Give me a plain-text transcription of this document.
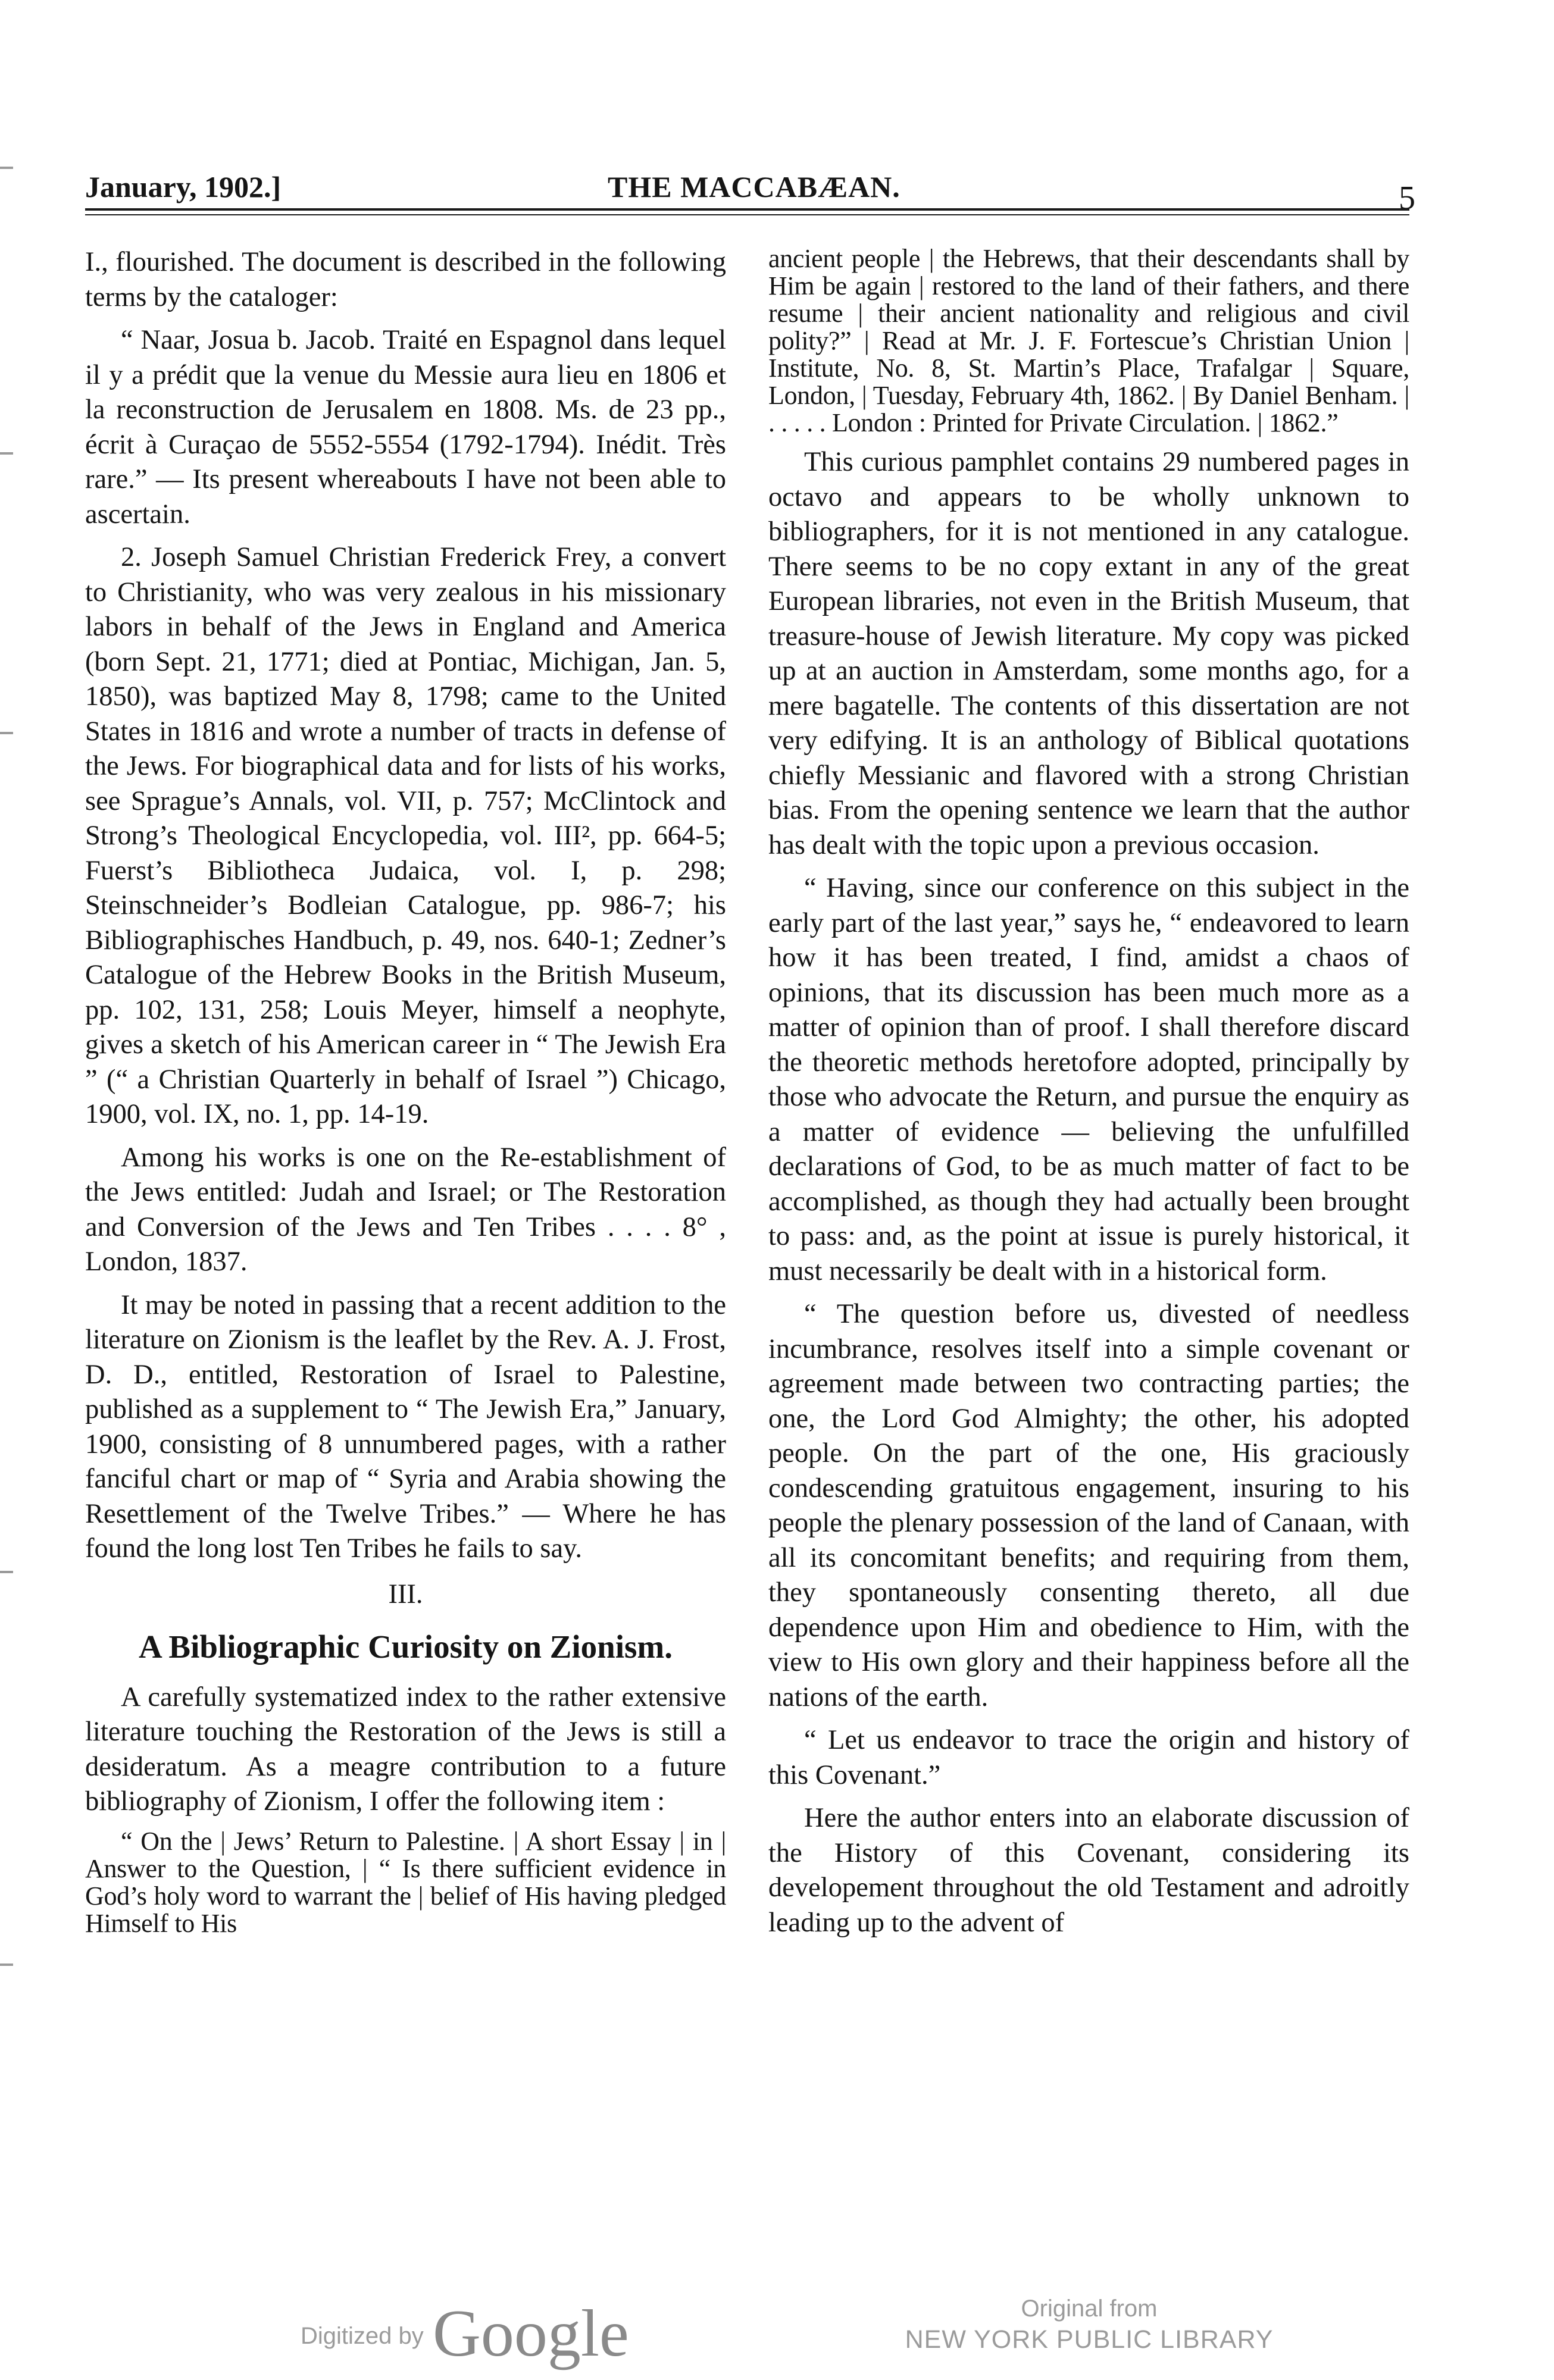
January, 1902.]	THE MACCABÆAN.	5

I., flourished. The document is described in the following terms by the cataloger:

“ Naar, Josua b. Jacob. Traité en Espagnol dans lequel il y a prédit que la venue du Messie aura lieu en 1806 et la reconstruction de Jerusalem en 1808. Ms. de 23 pp., écrit à Curaçao de 5552-5554 (1792-1794). Inédit. Très rare.” — Its present whereabouts I have not been able to ascertain.

2. Joseph Samuel Christian Frederick Frey, a convert to Christianity, who was very zealous in his missionary labors in behalf of the Jews in England and America (born Sept. 21, 1771; died at Pontiac, Michigan, Jan. 5, 1850), was baptized May 8, 1798; came to the United States in 1816 and wrote a number of tracts in defense of the Jews. For biographical data and for lists of his works, see Sprague’s Annals, vol. VII, p. 757; McClintock and Strong’s Theological Encyclopedia, vol. III², pp. 664-5; Fuerst’s Bibliotheca Judaica, vol. I, p. 298; Steinschneider’s Bodleian Catalogue, pp. 986-7; his Bibliographisches Handbuch, p. 49, nos. 640-1; Zedner’s Catalogue of the Hebrew Books in the British Museum, pp. 102, 131, 258; Louis Meyer, himself a neophyte, gives a sketch of his American career in “ The Jewish Era ” (“ a Christian Quarterly in behalf of Israel ”) Chicago, 1900, vol. IX, no. 1, pp. 14-19.

Among his works is one on the Re-establishment of the Jews entitled: Judah and Israel; or The Restoration and Conversion of the Jews and Ten Tribes . . . . 8° , London, 1837.

It may be noted in passing that a recent addition to the literature on Zionism is the leaflet by the Rev. A. J. Frost, D. D., entitled, Restoration of Israel to Palestine, published as a supplement to “ The Jewish Era,” January, 1900, consisting of 8 unnumbered pages, with a rather fanciful chart or map of “ Syria and Arabia showing the Resettlement of the Twelve Tribes.” — Where he has found the long lost Ten Tribes he fails to say.

III.

A Bibliographic Curiosity on Zionism.

A carefully systematized index to the rather extensive literature touching the Restoration of the Jews is still a desideratum. As a meagre contribution to a future bibliography of Zionism, I offer the following item :

“ On the | Jews’ Return to Palestine. | A short Essay | in | Answer to the Question, | “ Is there sufficient evidence in God’s holy word to warrant the | belief of His having pledged Himself to His

ancient people | the Hebrews, that their descendants shall by Him be again | restored to the land of their fathers, and there resume | their ancient nationality and religious and civil polity?” | Read at Mr. J. F. Fortescue’s Christian Union | Institute, No. 8, St. Martin’s Place, Trafalgar | Square, London, | Tuesday, February 4th, 1862. | By Daniel Benham. | . . . . . London : Printed for Private Circulation. | 1862.”

This curious pamphlet contains 29 numbered pages in octavo and appears to be wholly unknown to bibliographers, for it is not mentioned in any catalogue. There seems to be no copy extant in any of the great European libraries, not even in the British Museum, that treasure-house of Jewish literature. My copy was picked up at an auction in Amsterdam, some months ago, for a mere bagatelle. The contents of this dissertation are not very edifying. It is an anthology of Biblical quotations chiefly Messianic and flavored with a strong Christian bias. From the opening sentence we learn that the author has dealt with the topic upon a previous occasion.

“ Having, since our conference on this subject in the early part of the last year,” says he, “ endeavored to learn how it has been treated, I find, amidst a chaos of opinions, that its discussion has been much more as a matter of opinion than of proof. I shall therefore discard the theoretic methods heretofore adopted, principally by those who advocate the Return, and pursue the enquiry as a matter of evidence — believing the unfulfilled declarations of God, to be as much matter of fact to be accomplished, as though they had actually been brought to pass: and, as the point at issue is purely historical, it must necessarily be dealt with in a historical form.

“ The question before us, divested of needless incumbrance, resolves itself into a simple covenant or agreement made between two contracting parties; the one, the Lord God Almighty; the other, his adopted people. On the part of the one, His graciously condescending gratuitous engagement, insuring to his people the plenary possession of the land of Canaan, with all its concomitant benefits; and requiring from them, they spontaneously consenting thereto, all due dependence upon Him and obedience to Him, with the view to His own glory and their happiness before all the nations of the earth.

“ Let us endeavor to trace the origin and history of this Covenant.”

Here the author enters into an elaborate discussion of the History of this Covenant, considering its developement throughout the old Testament and adroitly leading up to the advent of

Digitized by Google	Original from
NEW YORK PUBLIC LIBRARY
